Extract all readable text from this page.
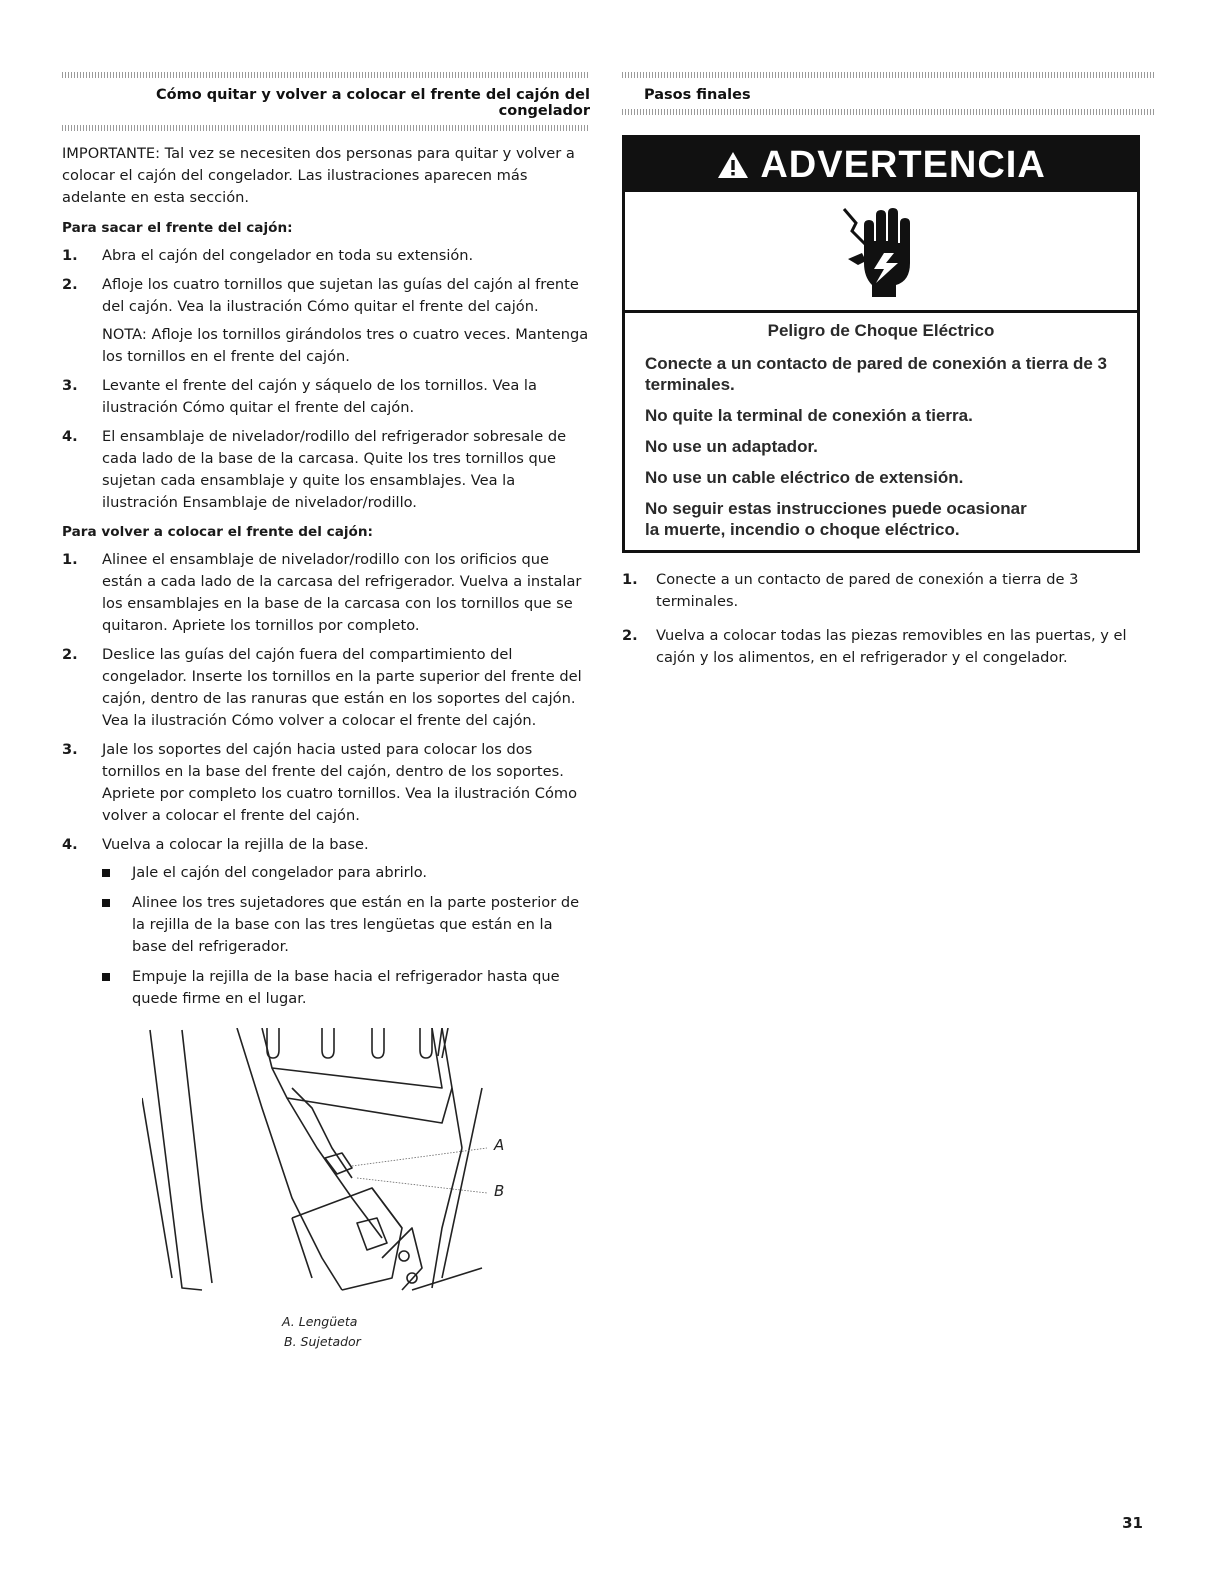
Cómo quitar y volver a colocar el frente del cajón del congelador

IMPORTANTE: Tal vez se necesiten dos personas para quitar y volver a colocar el cajón del congelador. Las ilustraciones aparecen más adelante en esta sección.

Para sacar el frente del cajón:
1. Abra el cajón del congelador en toda su extensión.
2. Afloje los cuatro tornillos que sujetan las guías del cajón al frente del cajón. Vea la ilustración Cómo quitar el frente del cajón.
NOTA: Afloje los tornillos girándolos tres o cuatro veces. Mantenga los tornillos en el frente del cajón.
3. Levante el frente del cajón y sáquelo de los tornillos. Vea la ilustración Cómo quitar el frente del cajón.
4. El ensamblaje de nivelador/rodillo del refrigerador sobresale de cada lado de la base de la carcasa. Quite los tres tornillos que sujetan cada ensamblaje y quite los ensamblajes. Vea la ilustración Ensamblaje de nivelador/rodillo.
Para volver a colocar el frente del cajón:
1. Alinee el ensamblaje de nivelador/rodillo con los orificios que están a cada lado de la carcasa del refrigerador. Vuelva a instalar los ensamblajes en la base de la carcasa con los tornillos que se quitaron. Apriete los tornillos por completo.
2. Deslice las guías del cajón fuera del compartimiento del congelador. Inserte los tornillos en la parte superior del frente del cajón, dentro de las ranuras que están en los soportes del cajón. Vea la ilustración Cómo volver a colocar el frente del cajón.
3. Jale los soportes del cajón hacia usted para colocar los dos tornillos en la base del frente del cajón, dentro de los soportes. Apriete por completo los cuatro tornillos. Vea la ilustración Cómo volver a colocar el frente del cajón.
4. Vuelva a colocar la rejilla de la base.
Jale el cajón del congelador para abrirlo.
Alinee los tres sujetadores que están en la parte posterior de la rejilla de la base con las tres lengüetas que están en la base del refrigerador.
Empuje la rejilla de la base hacia el refrigerador hasta que quede firme en el lugar.
A
B
A. Lengüeta
B. Sujetador
Pasos finales
ADVERTENCIA

Peligro de Choque Eléctrico

Conecte a un contacto de pared de conexión a tierra de 3 terminales.

No quite la terminal de conexión a tierra.

No use un adaptador.

No use un cable eléctrico de extensión.

No seguir estas instrucciones puede ocasionar la muerte, incendio o choque eléctrico.

1. Conecte a un contacto de pared de conexión a tierra de 3 terminales.
2. Vuelva a colocar todas las piezas removibles en las puertas, y el cajón y los alimentos, en el refrigerador y el congelador.
31
